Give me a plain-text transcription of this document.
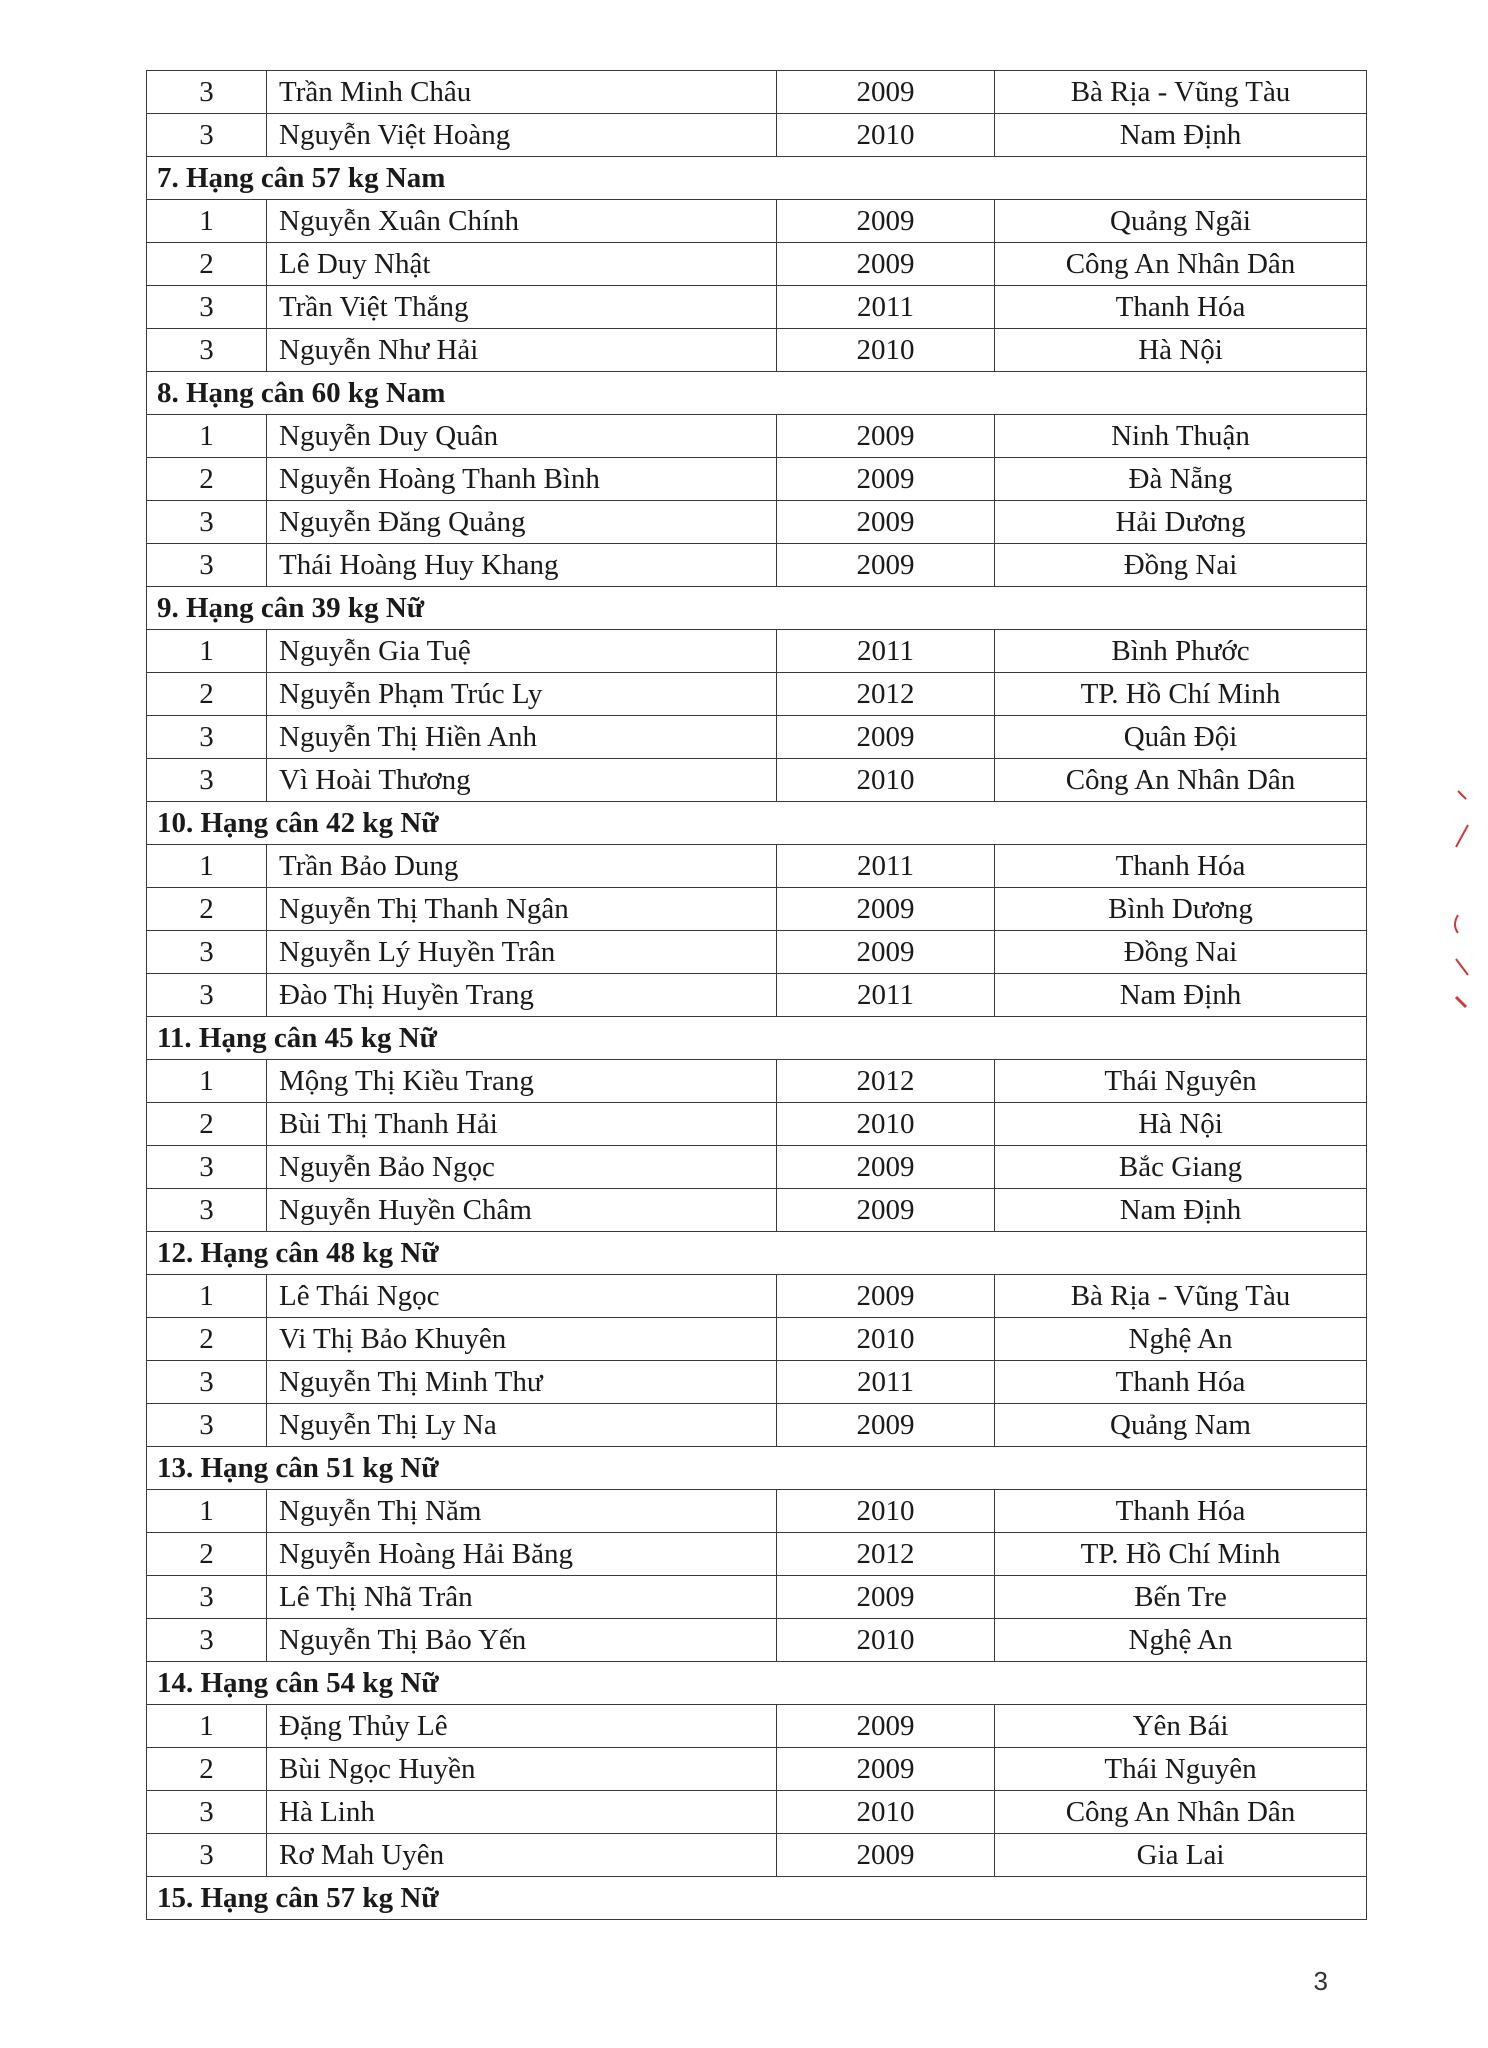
3	Trần Minh Châu	2009	Bà Rịa - Vũng Tàu
3	Nguyễn Việt Hoàng	2010	Nam Định
7. Hạng cân 57 kg Nam			
1	Nguyễn Xuân Chính	2009	Quảng Ngãi
2	Lê Duy Nhật	2009	Công An Nhân Dân
3	Trần Việt Thắng	2011	Thanh Hóa
3	Nguyễn Như Hải	2010	Hà Nội
8. Hạng cân 60 kg Nam			
1	Nguyễn Duy Quân	2009	Ninh Thuận
2	Nguyễn Hoàng Thanh Bình	2009	Đà Nẵng
3	Nguyễn Đăng Quảng	2009	Hải Dương
3	Thái Hoàng Huy Khang	2009	Đồng Nai
9. Hạng cân 39 kg Nữ			
1	Nguyễn Gia Tuệ	2011	Bình Phước
2	Nguyễn Phạm Trúc Ly	2012	TP. Hồ Chí Minh
3	Nguyễn Thị Hiền Anh	2009	Quân Đội
3	Vì Hoài Thương	2010	Công An Nhân Dân
10. Hạng cân 42 kg Nữ			
1	Trần Bảo Dung	2011	Thanh Hóa
2	Nguyễn Thị Thanh Ngân	2009	Bình Dương
3	Nguyễn Lý Huyền Trân	2009	Đồng Nai
3	Đào Thị Huyền Trang	2011	Nam Định
11. Hạng cân 45 kg Nữ			
1	Mộng Thị Kiều Trang	2012	Thái Nguyên
2	Bùi Thị Thanh Hải	2010	Hà Nội
3	Nguyễn Bảo Ngọc	2009	Bắc Giang
3	Nguyễn Huyền Châm	2009	Nam Định
12. Hạng cân 48 kg Nữ			
1	Lê Thái Ngọc	2009	Bà Rịa - Vũng Tàu
2	Vi Thị Bảo Khuyên	2010	Nghệ An
3	Nguyễn Thị Minh Thư	2011	Thanh Hóa
3	Nguyễn Thị Ly Na	2009	Quảng Nam
13. Hạng cân 51 kg Nữ			
1	Nguyễn Thị Năm	2010	Thanh Hóa
2	Nguyễn Hoàng Hải Băng	2012	TP. Hồ Chí Minh
3	Lê Thị Nhã Trân	2009	Bến Tre
3	Nguyễn Thị Bảo Yến	2010	Nghệ An
14. Hạng cân 54 kg Nữ			
1	Đặng Thủy Lê	2009	Yên Bái
2	Bùi Ngọc Huyền	2009	Thái Nguyên
3	Hà Linh	2010	Công An Nhân Dân
3	Rơ Mah Uyên	2009	Gia Lai
15. Hạng cân 57 kg Nữ			
3
